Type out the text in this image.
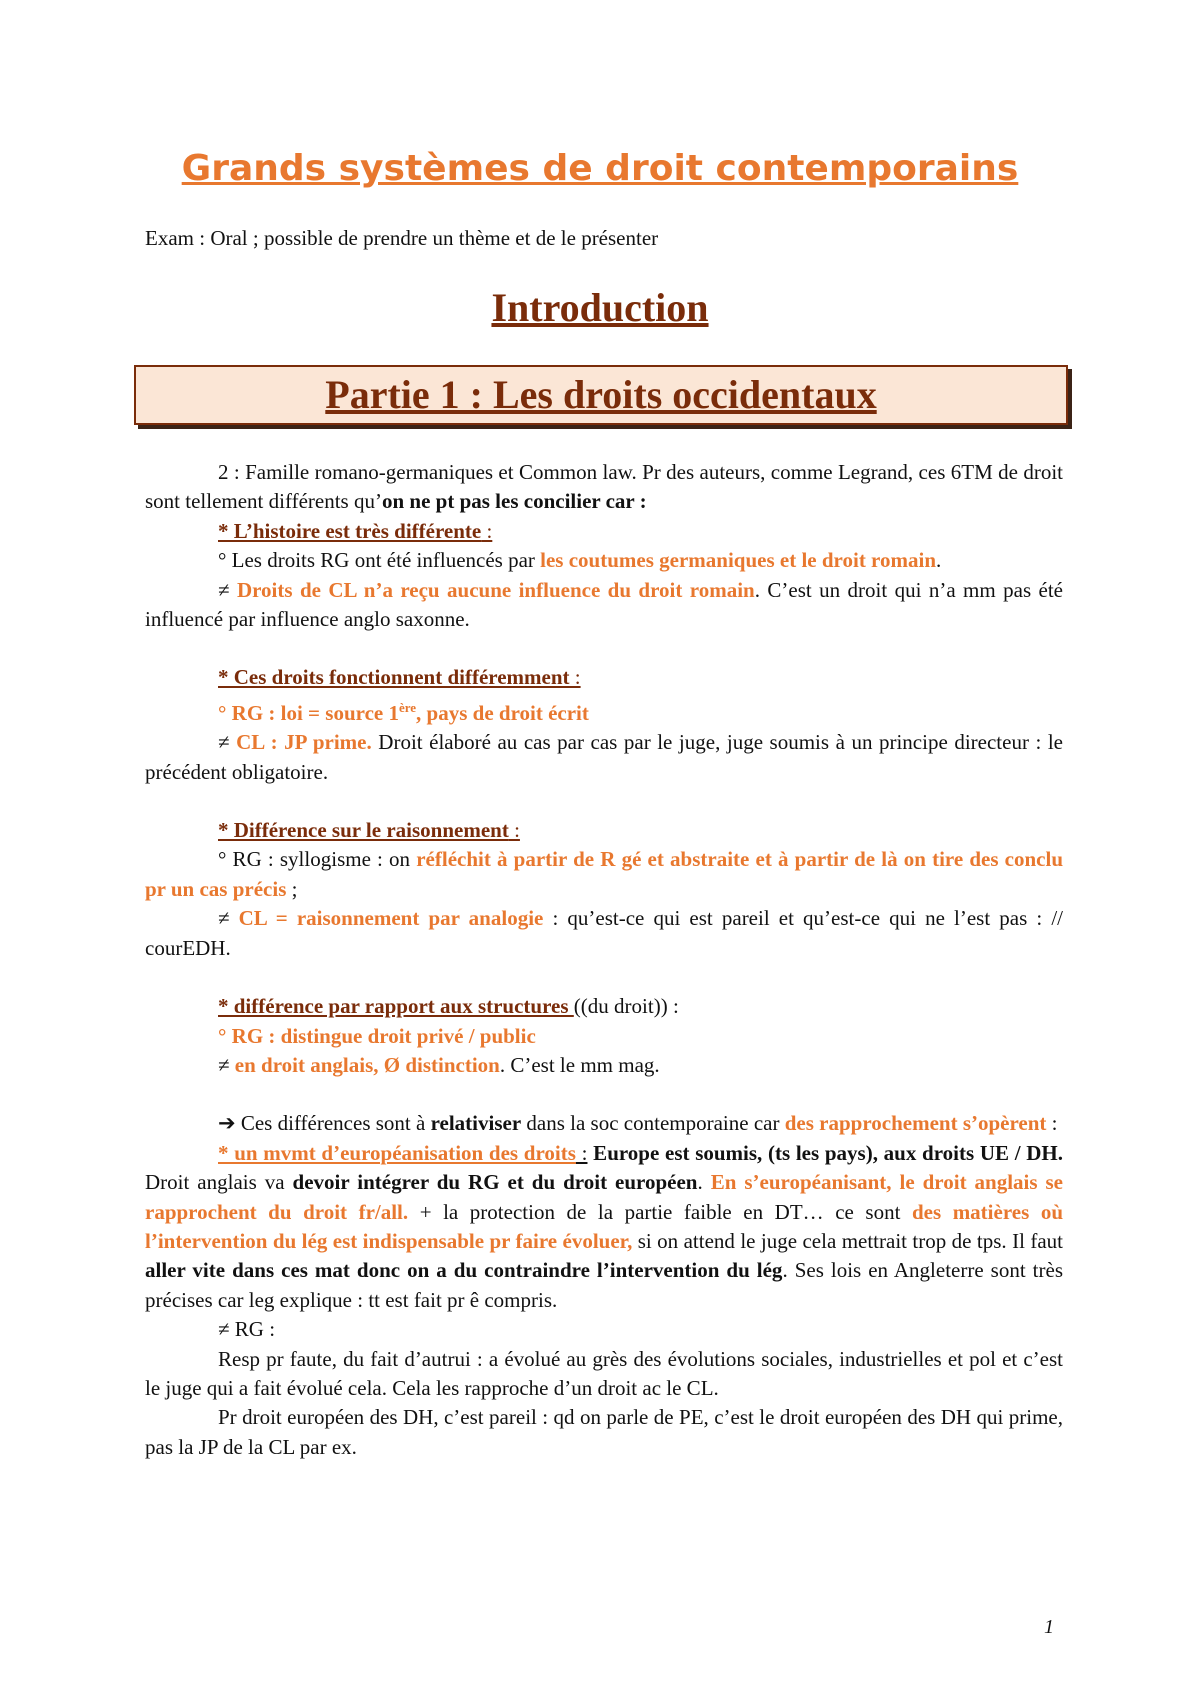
Grands systèmes de droit contemporains
Exam : Oral ; possible de prendre un thème et de le présenter
Introduction
Partie 1 : Les droits occidentaux

2 : Famille romano-germaniques et Common law. Pr des auteurs, comme Legrand, ces 6TM de droit sont tellement différents qu’on ne pt pas les concilier car :

* L’histoire est très différente :

° Les droits RG ont été influencés par les coutumes germaniques et le droit romain.

≠ Droits de CL n’a reçu aucune influence du droit romain. C’est un droit qui n’a mm pas été influencé par influence anglo saxonne.

* Ces droits fonctionnent différemment :

° RG : loi = source 1ère, pays de droit écrit

≠ CL : JP prime. Droit élaboré au cas par cas par le juge, juge soumis à un principe directeur : le précédent obligatoire.

* Différence sur le raisonnement :

° RG : syllogisme : on réfléchit à partir de R gé et abstraite et à partir de là on tire des conclu pr un cas précis ;

≠ CL = raisonnement par analogie : qu’est-ce qui est pareil et qu’est-ce qui ne l’est pas : // courEDH.

* différence par rapport aux structures ((du droit)) :

° RG : distingue droit privé / public

≠ en droit anglais, Ø distinction. C’est le mm mag.

➔ Ces différences sont à relativiser dans la soc contemporaine car des rapprochement s’opèrent :

* un mvmt d’européanisation des droits : Europe est soumis, (ts les pays), aux droits UE / DH. Droit anglais va devoir intégrer du RG et du droit européen. En s’européanisant, le droit anglais se rapprochent du droit fr/all. + la protection de la partie faible en DT… ce sont des matières où l’intervention du lég est indispensable pr faire évoluer, si on attend le juge cela mettrait trop de tps. Il faut aller vite dans ces mat donc on a du contraindre l’intervention du lég. Ses lois en Angleterre sont très précises car leg explique : tt est fait pr ê compris.

≠ RG :

Resp pr faute, du fait d’autrui : a évolué au grès des évolutions sociales, industrielles et pol et c’est le juge qui a fait évolué cela. Cela les rapproche d’un droit ac le CL.

Pr droit européen des DH, c’est pareil : qd on parle de PE, c’est le droit européen des DH qui prime, pas la JP de la CL par ex.

1
